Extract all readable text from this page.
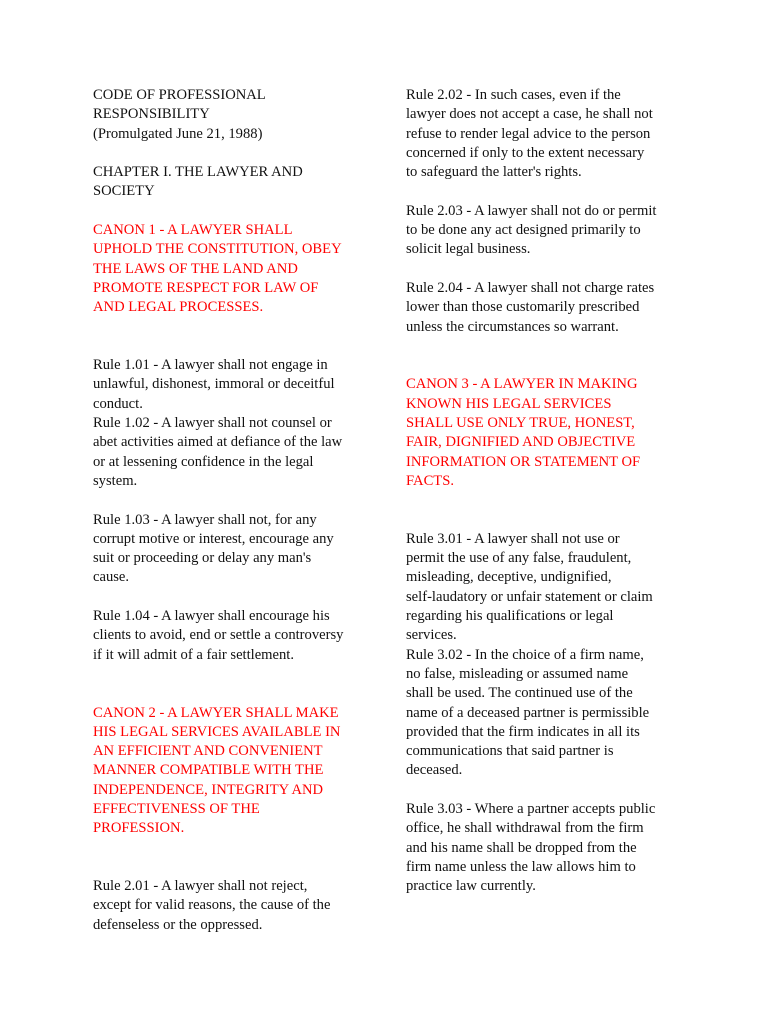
CODE OF PROFESSIONAL
RESPONSIBILITY
(Promulgated June 21, 1988)
CHAPTER I. THE LAWYER AND
SOCIETY
CANON 1 - A LAWYER SHALL
UPHOLD THE CONSTITUTION, OBEY
THE LAWS OF THE LAND AND
PROMOTE RESPECT FOR LAW OF
AND LEGAL PROCESSES.
Rule 1.01 - A lawyer shall not engage in
unlawful, dishonest, immoral or deceitful
conduct.
Rule 1.02 - A lawyer shall not counsel or
abet activities aimed at defiance of the law
or at lessening confidence in the legal
system.
Rule 1.03 - A lawyer shall not, for any
corrupt motive or interest, encourage any
suit or proceeding or delay any man's
cause.
Rule 1.04 - A lawyer shall encourage his
clients to avoid, end or settle a controversy
if it will admit of a fair settlement.
CANON 2 - A LAWYER SHALL MAKE
HIS LEGAL SERVICES AVAILABLE IN
AN EFFICIENT AND CONVENIENT
MANNER COMPATIBLE WITH THE
INDEPENDENCE, INTEGRITY AND
EFFECTIVENESS OF THE
PROFESSION.
Rule 2.01 - A lawyer shall not reject,
except for valid reasons, the cause of the
defenseless or the oppressed.
Rule 2.02 - In such cases, even if the
lawyer does not accept a case, he shall not
refuse to render legal advice to the person
concerned if only to the extent necessary
to safeguard the latter's rights.
Rule 2.03 - A lawyer shall not do or permit
to be done any act designed primarily to
solicit legal business.
Rule 2.04 - A lawyer shall not charge rates
lower than those customarily prescribed
unless the circumstances so warrant.
CANON 3 - A LAWYER IN MAKING
KNOWN HIS LEGAL SERVICES
SHALL USE ONLY TRUE, HONEST,
FAIR, DIGNIFIED AND OBJECTIVE
INFORMATION OR STATEMENT OF
FACTS.
Rule 3.01 - A lawyer shall not use or
permit the use of any false, fraudulent,
misleading, deceptive, undignified,
self-laudatory or unfair statement or claim
regarding his qualifications or legal
services.
Rule 3.02 - In the choice of a firm name,
no false, misleading or assumed name
shall be used. The continued use of the
name of a deceased partner is permissible
provided that the firm indicates in all its
communications that said partner is
deceased.
Rule 3.03 - Where a partner accepts public
office, he shall withdrawal from the firm
and his name shall be dropped from the
firm name unless the law allows him to
practice law currently.
